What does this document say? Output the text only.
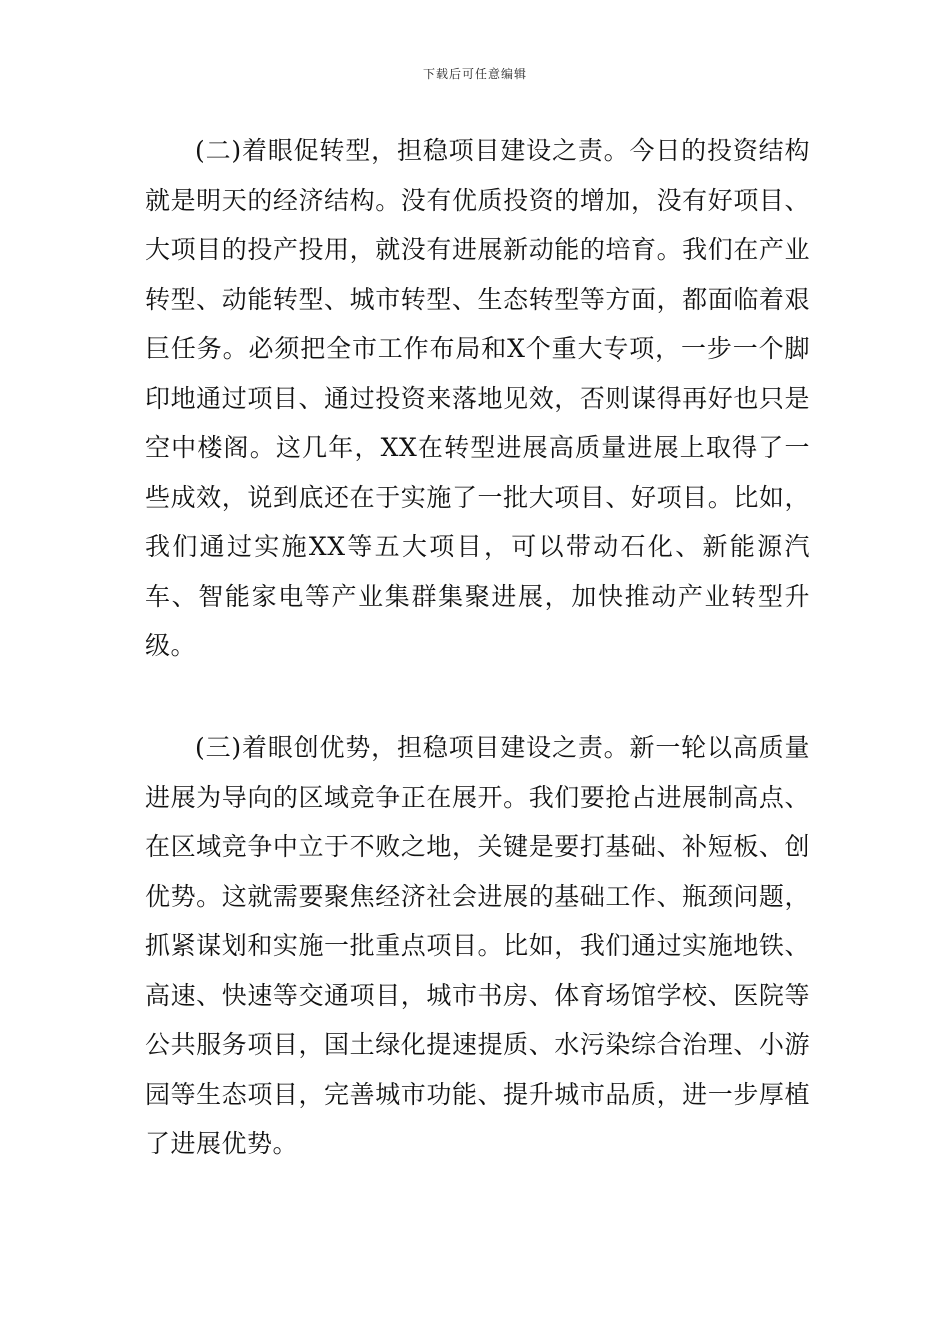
下载后可任意编辑

(二)着眼促转型，担稳项目建设之责。今日的投资结构就是明天的经济结构。没有优质投资的增加，没有好项目、大项目的投产投用，就没有进展新动能的培育。我们在产业转型、动能转型、城市转型、生态转型等方面，都面临着艰巨任务。必须把全市工作布局和X个重大专项，一步一个脚印地通过项目、通过投资来落地见效，否则谋得再好也只是空中楼阁。这几年，XX在转型进展高质量进展上取得了一些成效，说到底还在于实施了一批大项目、好项目。比如，我们通过实施XX等五大项目，可以带动石化、新能源汽车、智能家电等产业集群集聚进展，加快推动产业转型升级。

(三)着眼创优势，担稳项目建设之责。新一轮以高质量进展为导向的区域竞争正在展开。我们要抢占进展制高点、在区域竞争中立于不败之地，关键是要打基础、补短板、创优势。这就需要聚焦经济社会进展的基础工作、瓶颈问题，抓紧谋划和实施一批重点项目。比如，我们通过实施地铁、高速、快速等交通项目，城市书房、体育场馆学校、医院等公共服务项目，国土绿化提速提质、水污染综合治理、小游园等生态项目，完善城市功能、提升城市品质，进一步厚植了进展优势。
